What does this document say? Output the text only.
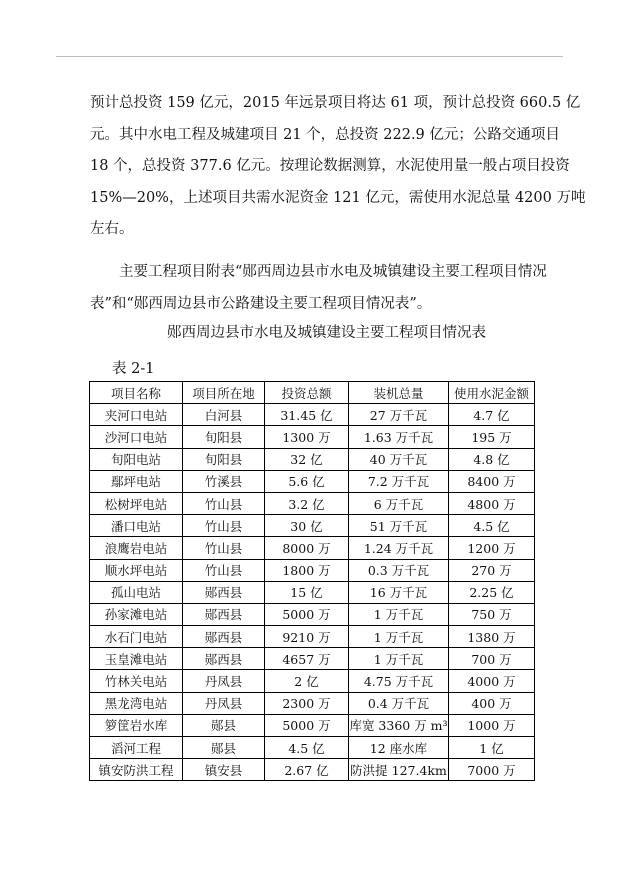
预计总投资 159 亿元，2015 年远景项目将达 61 项，预计总投资 660.5 亿
元。其中水电工程及城建项目 21 个，总投资 222.9 亿元；公路交通项目
18 个，总投资 377.6 亿元。按理论数据测算，水泥使用量一般占项目投资
15%—20%，上述项目共需水泥资金 121 亿元，需使用水泥总量 4200 万吨
左右。
主要工程项目附表“郧西周边县市水电及城镇建设主要工程项目情况
表”和“郧西周边县市公路建设主要工程项目情况表”。
郧西周边县市水电及城镇建设主要工程项目情况表
表 2-1
项目名称	项目所在地	投资总额	装机总量	使用水泥金额
夹河口电站	白河县	31.45 亿	27 万千瓦	4.7 亿
沙河口电站	旬阳县	1300 万	1.63 万千瓦	195 万
旬阳电站	旬阳县	32 亿	40 万千瓦	4.8 亿
鄢坪电站	竹溪县	5.6 亿	7.2 万千瓦	8400 万
松树坪电站	竹山县	3.2 亿	6 万千瓦	4800 万
潘口电站	竹山县	30 亿	51 万千瓦	4.5 亿
浪鹰岩电站	竹山县	8000 万	1.24 万千瓦	1200 万
顺水坪电站	竹山县	1800 万	0.3 万千瓦	270 万
孤山电站	郧西县	15 亿	16 万千瓦	2.25 亿
孙家滩电站	郧西县	5000 万	1 万千瓦	750 万
水石门电站	郧西县	9210 万	1 万千瓦	1380 万
玉皇滩电站	郧西县	4657 万	1 万千瓦	700 万
竹林关电站	丹凤县	2 亿	4.75 万千瓦	4000 万
黑龙湾电站	丹凤县	2300 万	0.4 万千瓦	400 万
箩筐岩水库	郧县	5000 万	库宽 3360 万 m³	1000 万
滔河工程	郧县	4.5 亿	12 座水库	1 亿
镇安防洪工程	镇安县	2.67 亿	防洪提 127.4km	7000 万
